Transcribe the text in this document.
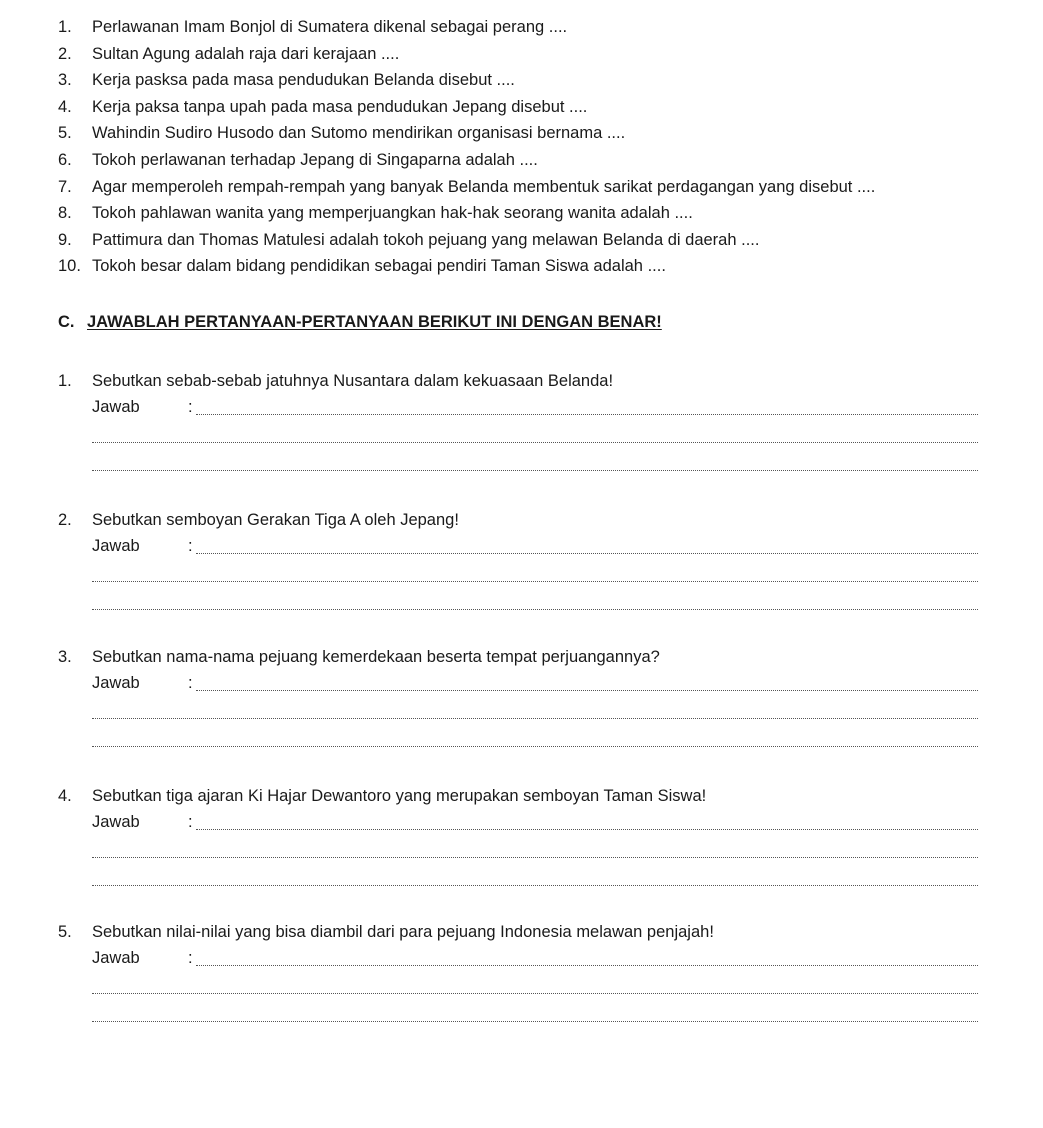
1. Perlawanan Imam Bonjol di Sumatera dikenal sebagai perang ....
2. Sultan Agung adalah raja dari kerajaan ....
3. Kerja pasksa pada masa pendudukan Belanda disebut ....
4. Kerja paksa tanpa upah pada masa pendudukan Jepang disebut ....
5. Wahindin Sudiro Husodo dan Sutomo mendirikan organisasi bernama ....
6. Tokoh perlawanan terhadap Jepang di Singaparna adalah ....
7. Agar memperoleh rempah-rempah yang banyak Belanda membentuk sarikat perdagangan yang disebut ....
8. Tokoh pahlawan wanita yang memperjuangkan hak-hak seorang wanita adalah ....
9. Pattimura dan Thomas Matulesi adalah tokoh pejuang yang melawan Belanda di daerah ....
10. Tokoh besar dalam bidang pendidikan sebagai pendiri Taman Siswa adalah ....
C. JAWABLAH PERTANYAAN-PERTANYAAN BERIKUT INI DENGAN BENAR!
1. Sebutkan sebab-sebab jatuhnya Nusantara dalam kekuasaan Belanda!
Jawab	:
2. Sebutkan semboyan Gerakan Tiga A oleh Jepang!
Jawab	:
3. Sebutkan nama-nama pejuang kemerdekaan beserta tempat perjuangannya?
Jawab	:
4. Sebutkan tiga ajaran Ki Hajar Dewantoro yang merupakan semboyan Taman Siswa!
Jawab	:
5. Sebutkan nilai-nilai yang bisa diambil dari para pejuang Indonesia melawan penjajah!
Jawab	:
